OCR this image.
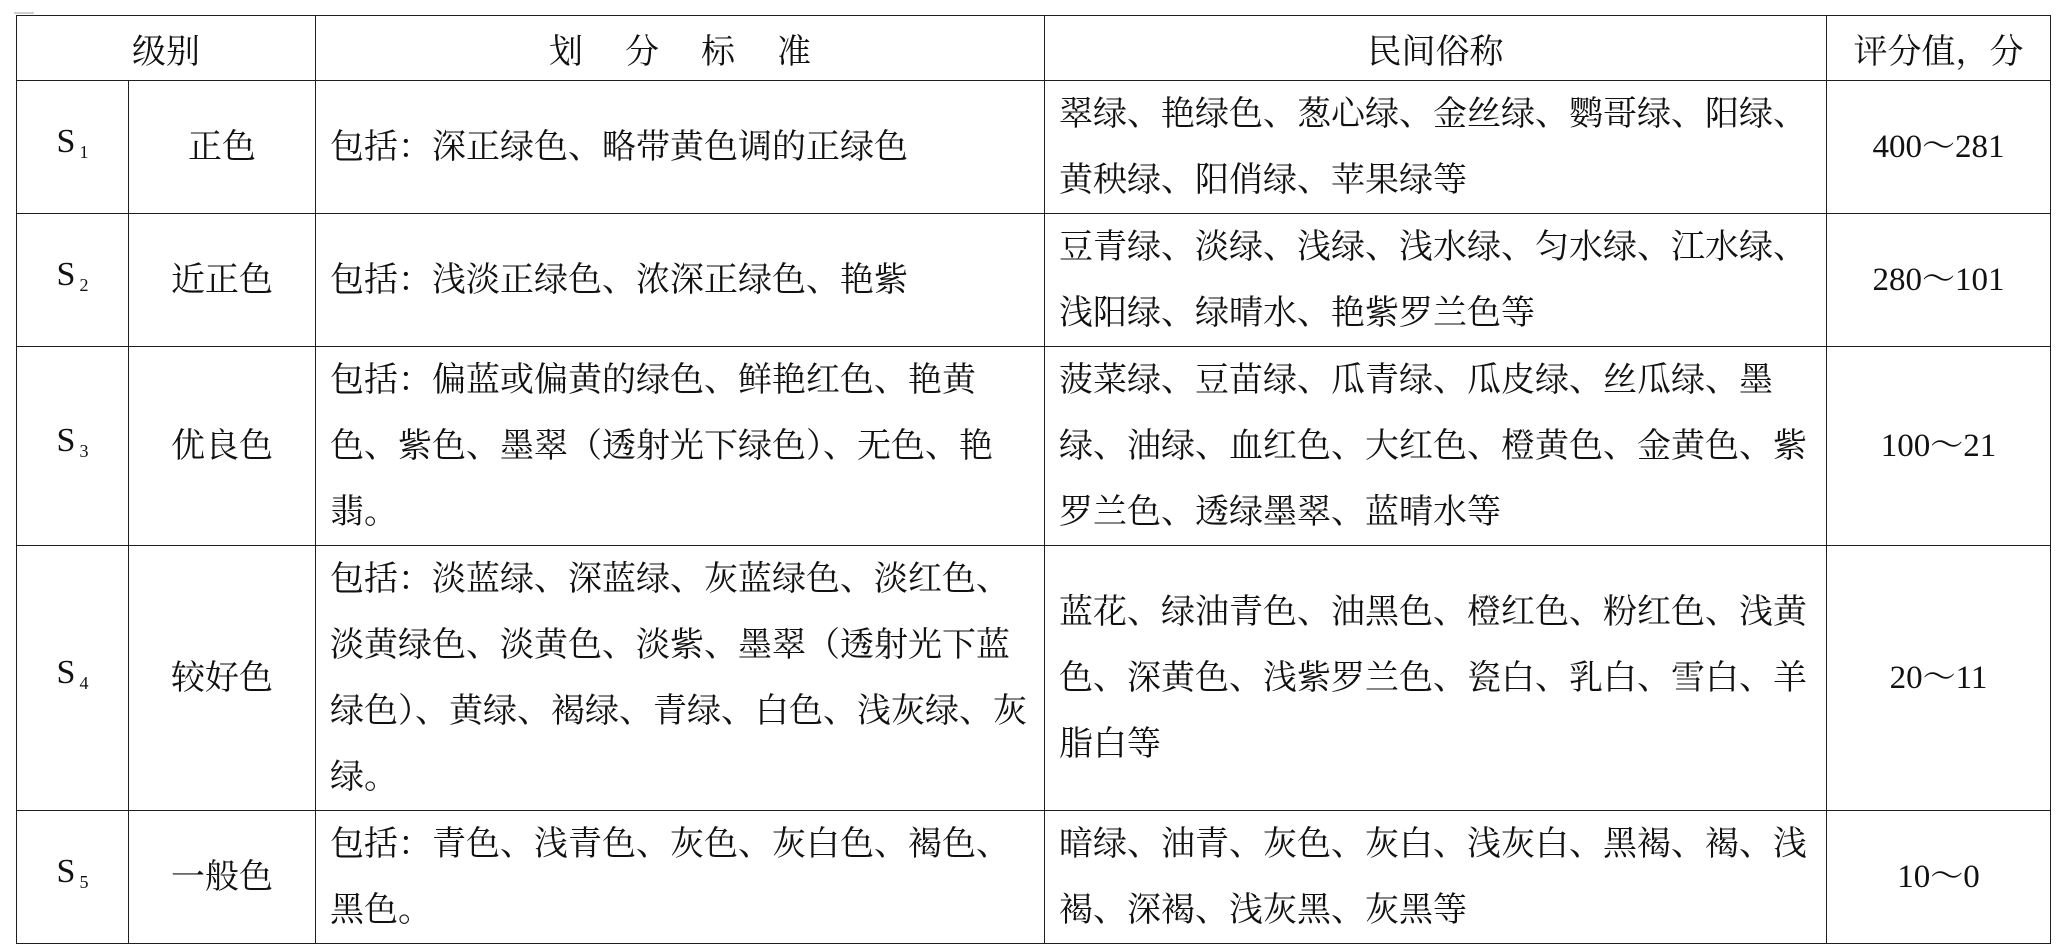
级别		划分标准	民间俗称	评分值，分
S $_1$	正色	包括：深正绿色、略带黄色调的正绿色	翠绿、艳绿色、葱心绿、金丝绿、鹦哥绿、阳绿、黄秧绿、阳俏绿、苹果绿等	400～281
S $_2$	近正色	包括：浅淡正绿色、浓深正绿色、艳紫	豆青绿、淡绿、浅绿、浅水绿、匀水绿、江水绿、浅阳绿、绿晴水、艳紫罗兰色等	280～101
S $_3$	优良色	包括：偏蓝或偏黄的绿色、鲜艳红色、艳黄色、紫色、墨翠（透射光下绿色）、无色、艳翡。	菠菜绿、豆苗绿、瓜青绿、瓜皮绿、丝瓜绿、墨绿、油绿、血红色、大红色、橙黄色、金黄色、紫罗兰色、透绿墨翠、蓝晴水等	100～21
S $_4$	较好色	包括：淡蓝绿、深蓝绿、灰蓝绿色、淡红色、淡黄绿色、淡黄色、淡紫、墨翠（透射光下蓝绿色）、黄绿、褐绿、青绿、白色、浅灰绿、灰绿。	蓝花、绿油青色、油黑色、橙红色、粉红色、浅黄色、深黄色、浅紫罗兰色、瓷白、乳白、雪白、羊脂白等	20～11
S $_5$	一般色	包括：青色、浅青色、灰色、灰白色、褐色、黑色。	暗绿、油青、灰色、灰白、浅灰白、黑褐、褐、浅褐、深褐、浅灰黑、灰黑等	10～0
